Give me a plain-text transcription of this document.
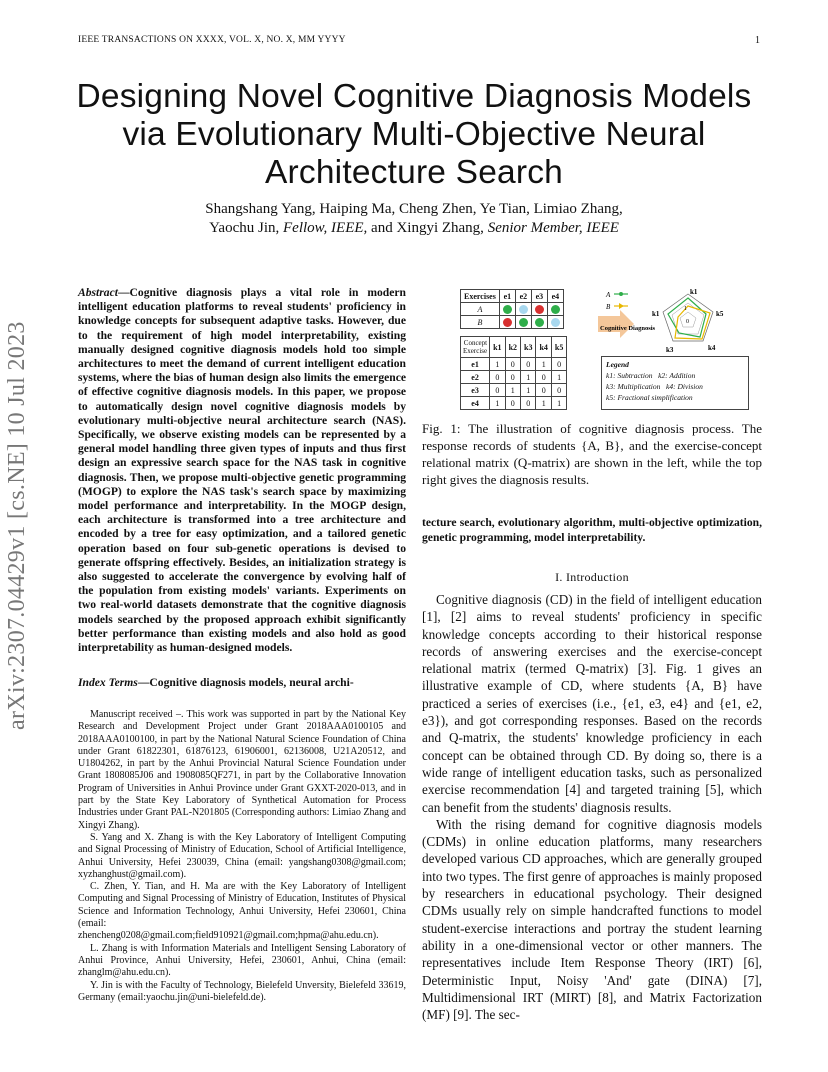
IEEE TRANSACTIONS ON XXXX, VOL. X, NO. X, MM YYYY	1
Designing Novel Cognitive Diagnosis Models
via Evolutionary Multi-Objective Neural
Architecture Search
Shangshang Yang, Haiping Ma, Cheng Zhen, Ye Tian, Limiao Zhang,
Yaochu Jin, Fellow, IEEE, and Xingyi Zhang, Senior Member, IEEE
arXiv:2307.04429v1 [cs.NE] 10 Jul 2023
Abstract—Cognitive diagnosis plays a vital role in modern intelligent education platforms to reveal students' proficiency in knowledge concepts for subsequent adaptive tasks. However, due to the requirement of high model interpretability, existing manually designed cognitive diagnosis models hold too simple architectures to meet the demand of current intelligent education systems, where the bias of human design also limits the emergence of effective cognitive diagnosis models. In this paper, we propose to automatically design novel cognitive diagnosis models by evolutionary multi-objective neural architecture search (NAS). Specifically, we observe existing models can be represented by a general model handling three given types of inputs and thus first design an expressive search space for the NAS task in cognitive diagnosis. Then, we propose multi-objective genetic programming (MOGP) to explore the NAS task's search space by maximizing model performance and interpretability. In the MOGP design, each architecture is transformed into a tree architecture and encoded by a tree for easy optimization, and a tailored genetic operation based on four sub-genetic operations is devised to generate offspring effectively. Besides, an initialization strategy is also suggested to accelerate the convergence by evolving half of the population from existing models' variants. Experiments on two real-world datasets demonstrate that the cognitive diagnosis models searched by the proposed approach exhibit significantly better performance than existing models and also hold as good interpretability as human-designed models.
Index Terms—Cognitive diagnosis models, neural archi-

Manuscript received –. This work was supported in part by the National Key Research and Development Project under Grant 2018AAA0100105 and 2018AAA0100100, in part by the National Natural Science Foundation of China under Grant 61822301, 61876123, 61906001, 62136008, U21A20512, and U1804262, in part by the Anhui Provincial Natural Science Foundation under Grant 1808085J06 and 1908085QF271, in part by the Collaborative Innovation Program of Universities in Anhui Province under Grant GXXT-2020-013, and in part by the State Key Laboratory of Synthetical Automation for Process Industries under Grant PAL-N201805 (Corresponding authors: Limiao Zhang and Xingyi Zhang).

S. Yang and X. Zhang is with the Key Laboratory of Intelligent Computing and Signal Processing of Ministry of Education, School of Artificial Intelligence, Anhui University, Hefei 230039, China (email: yangshang0308@gmail.com; xyzhanghust@gmail.com).

C. Zhen, Y. Tian, and H. Ma are with the Key Laboratory of Intelligent Computing and Signal Processing of Ministry of Education, Institutes of Physical Science and Information Technology, Anhui University, Hefei 230601, China (email: zhencheng0208@gmail.com;field910921@gmail.com;hpma@ahu.edu.cn).

L. Zhang is with Information Materials and Intelligent Sensing Laboratory of Anhui Province, Anhui University, Hefei, 230601, Anhui, China (email: zhanglm@ahu.edu.cn).

Y. Jin is with the Faculty of Technology, Bielefeld Unversity, Bielefeld 33619, Germany (email:yaochu.jin@uni-bielefeld.de).

Exercises	e1	e2	e3	e4
A				
B				
Concept
Exercise	k1	k2	k3	k4	k5
e1	1	0	0	1	0
e2	0	0	1	0	1
e3	0	1	1	0	0
e4	1	0	0	1	1
Cognitive Diagnosis
A
B	1
0
k1
k5
k4
k3
k1
Legend
k1: Subtraction k2: Addition
k3: Multiplication k4: Division
k5: Fractional simplification
Fig. 1: The illustration of cognitive diagnosis process. The response records of students {A, B}, and the exercise-concept relational matrix (Q-matrix) are shown in the left, while the top right gives the diagnosis results.
tecture search, evolutionary algorithm, multi-objective optimization, genetic programming, model interpretability.
I. Introduction

Cognitive diagnosis (CD) in the field of intelligent education [1], [2] aims to reveal students' proficiency in specific knowledge concepts according to their historical response records of answering exercises and the exercise-concept relational matrix (termed Q-matrix) [3]. Fig. 1 gives an illustrative example of CD, where students {A, B} have practiced a series of exercises (i.e., {e1, e3, e4} and {e1, e2, e3}), and got corresponding responses. Based on the records and Q-matrix, the students' knowledge proficiency in each concept can be obtained through CD. By doing so, there is a wide range of intelligent education tasks, such as personalized exercise recommendation [4] and targeted training [5], which can benefit from the students' diagnosis results.

With the rising demand for cognitive diagnosis models (CDMs) in online education platforms, many researchers developed various CD approaches, which are generally grouped into two types. The first genre of approaches is mainly proposed by researchers in educational psychology. Their designed CDMs usually rely on simple handcrafted functions to model student-exercise interactions and portray the student learning ability in a one-dimensional vector or other manners. The representatives include Item Response Theory (IRT) [6], Deterministic Input, Noisy 'And' gate (DINA) [7], Multidimensional IRT (MIRT) [8], and Matrix Factorization (MF) [9]. The sec-
